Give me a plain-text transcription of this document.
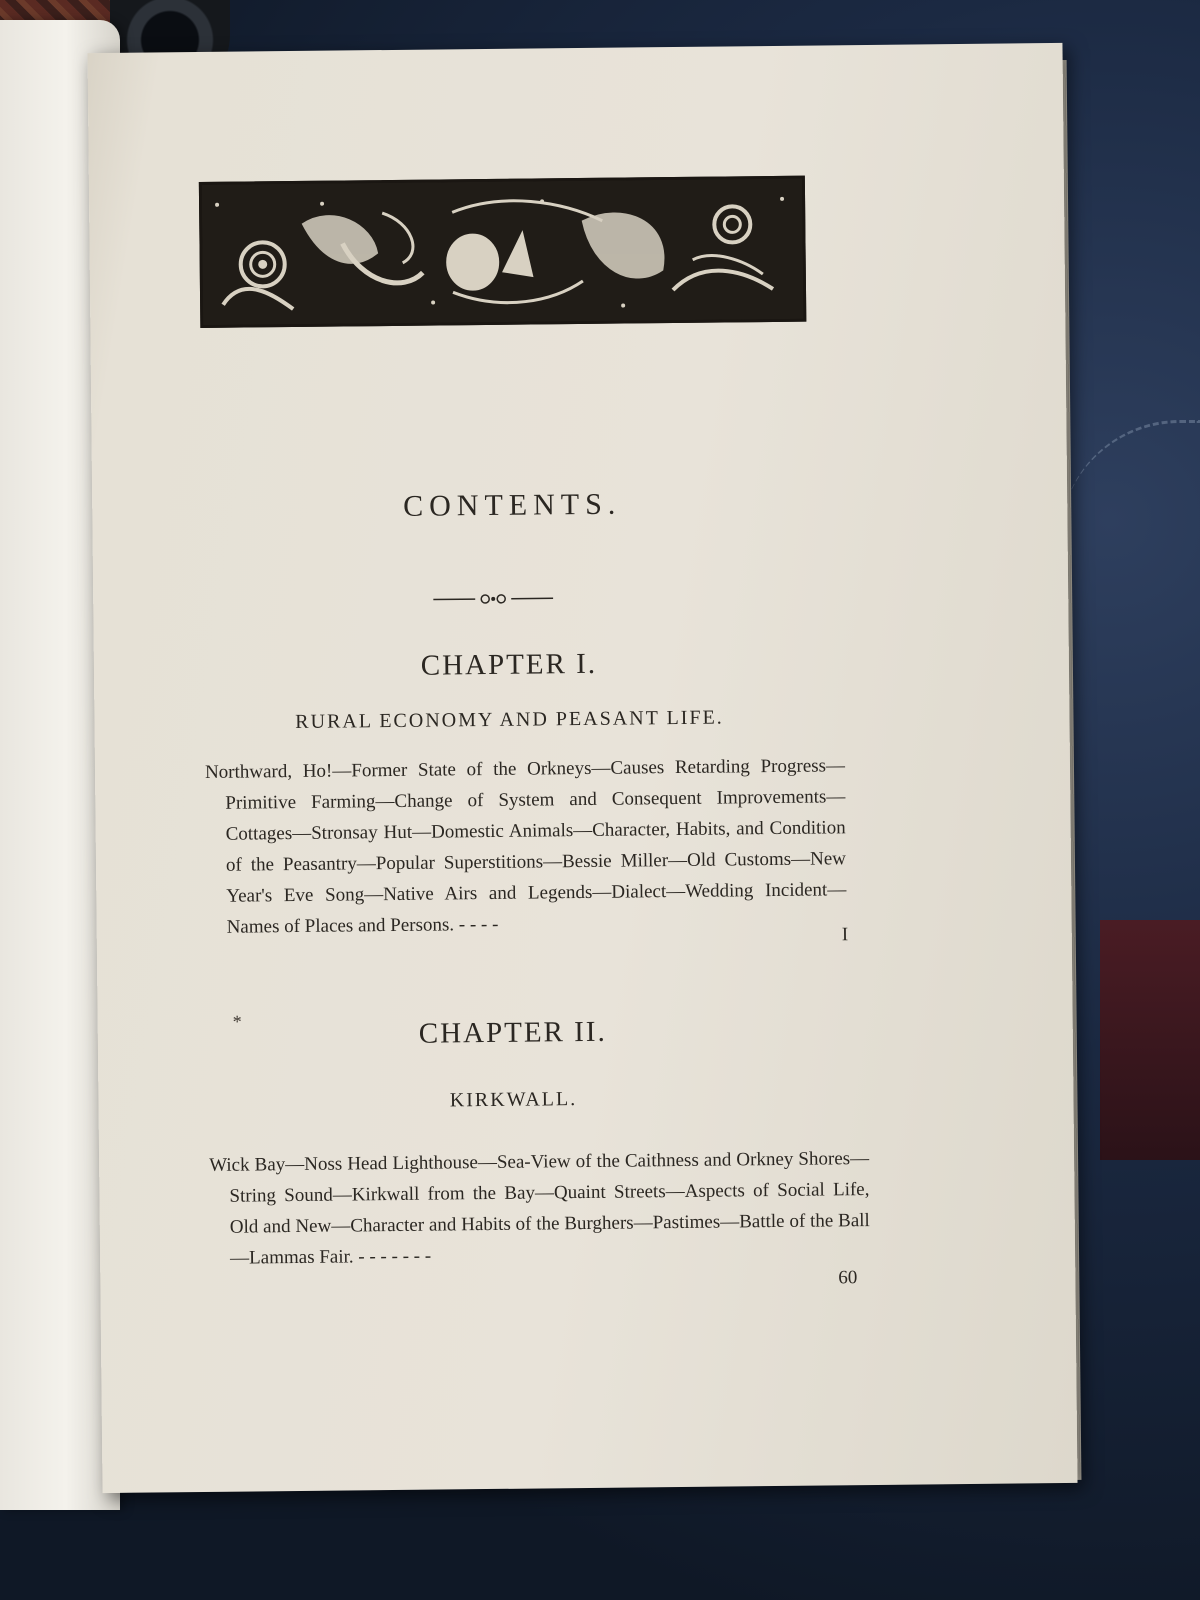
CONTENTS.
CHAPTER I.
RURAL ECONOMY AND PEASANT LIFE.

Northward, Ho!—Former State of the Orkneys—Causes Retarding Progress—Primitive Farming—Change of System and Consequent Improvements—Cottages—Stronsay Hut—Domestic Animals—Character, Habits, and Condition of the Peasantry—Popular Superstitions—Bessie Miller—Old Customs—New Year's Eve Song—Native Airs and Legends—Dialect—Wedding Incident—Names of Places and Persons. - - - -	I
*	CHAPTER II.
KIRKWALL.

Wick Bay—Noss Head Lighthouse—Sea-View of the Caithness and Orkney Shores—String Sound—Kirkwall from the Bay—Quaint Streets—Aspects of Social Life, Old and New—Character and Habits of the Burghers—Pastimes—Battle of the Ball—Lammas Fair. - - - - - - -

60
